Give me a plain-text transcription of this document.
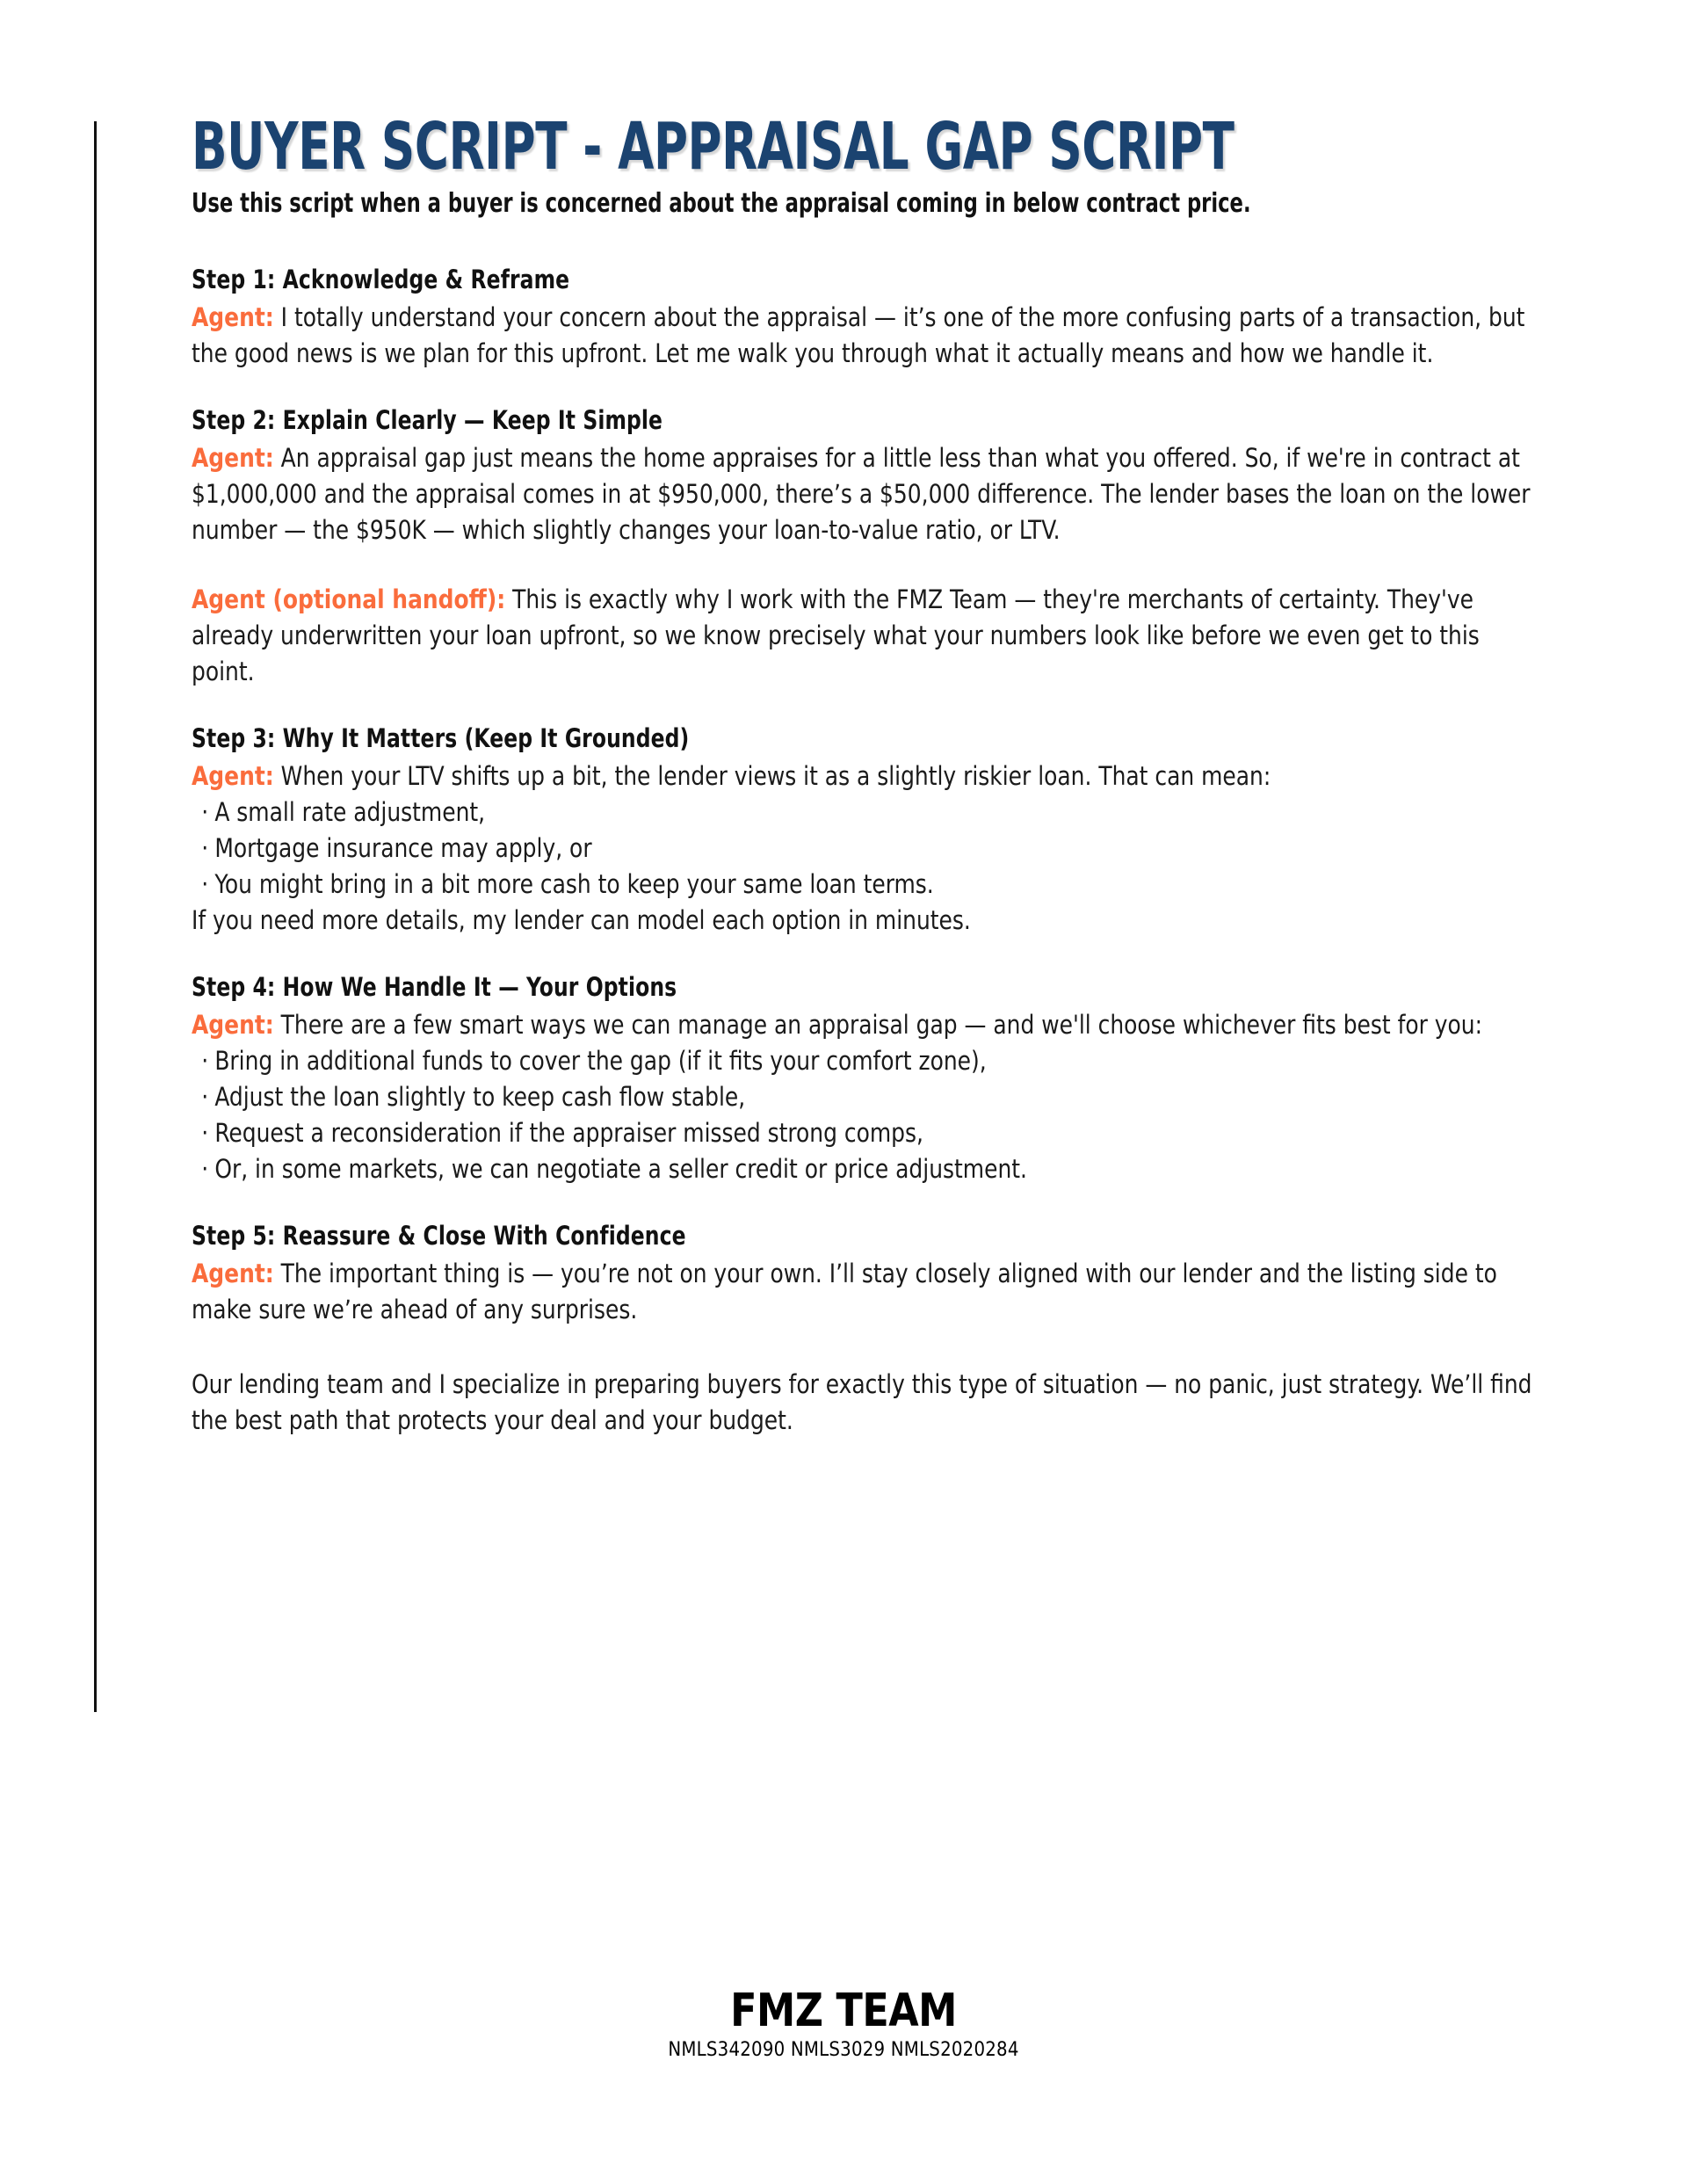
BUYER SCRIPT - APPRAISAL GAP SCRIPT

Use this script when a buyer is concerned about the appraisal coming in below contract price.

Step 1: Acknowledge & Reframe

Agent: I totally understand your concern about the appraisal — it’s one of the more confusing parts of a transaction, but the good news is we plan for this upfront. Let me walk you through what it actually means and how we handle it.

Step 2: Explain Clearly — Keep It Simple

Agent: An appraisal gap just means the home appraises for a little less than what you offered. So, if we're in contract at $1,000,000 and the appraisal comes in at $950,000, there’s a $50,000 difference. The lender bases the loan on the lower number — the $950K — which slightly changes your loan-to-value ratio, or LTV.

Agent (optional handoff): This is exactly why I work with the FMZ Team — they're merchants of certainty. They've already underwritten your loan upfront, so we know precisely what your numbers look like before we even get to this point.

Step 3: Why It Matters (Keep It Grounded)

Agent: When your LTV shifts up a bit, the lender views it as a slightly riskier loan. That can mean:

· A small rate adjustment,
· Mortgage insurance may apply, or
· You might bring in a bit more cash to keep your same loan terms.

If you need more details, my lender can model each option in minutes.

Step 4: How We Handle It — Your Options

Agent: There are a few smart ways we can manage an appraisal gap — and we'll choose whichever fits best for you:

· Bring in additional funds to cover the gap (if it fits your comfort zone),
· Adjust the loan slightly to keep cash flow stable,
· Request a reconsideration if the appraiser missed strong comps,
· Or, in some markets, we can negotiate a seller credit or price adjustment.

Step 5: Reassure & Close With Confidence

Agent: The important thing is — you’re not on your own. I’ll stay closely aligned with our lender and the listing side to make sure we’re ahead of any surprises.

Our lending team and I specialize in preparing buyers for exactly this type of situation — no panic, just strategy. We’ll find the best path that protects your deal and your budget.

FMZ TEAM

NMLS342090 NMLS3029 NMLS2020284
